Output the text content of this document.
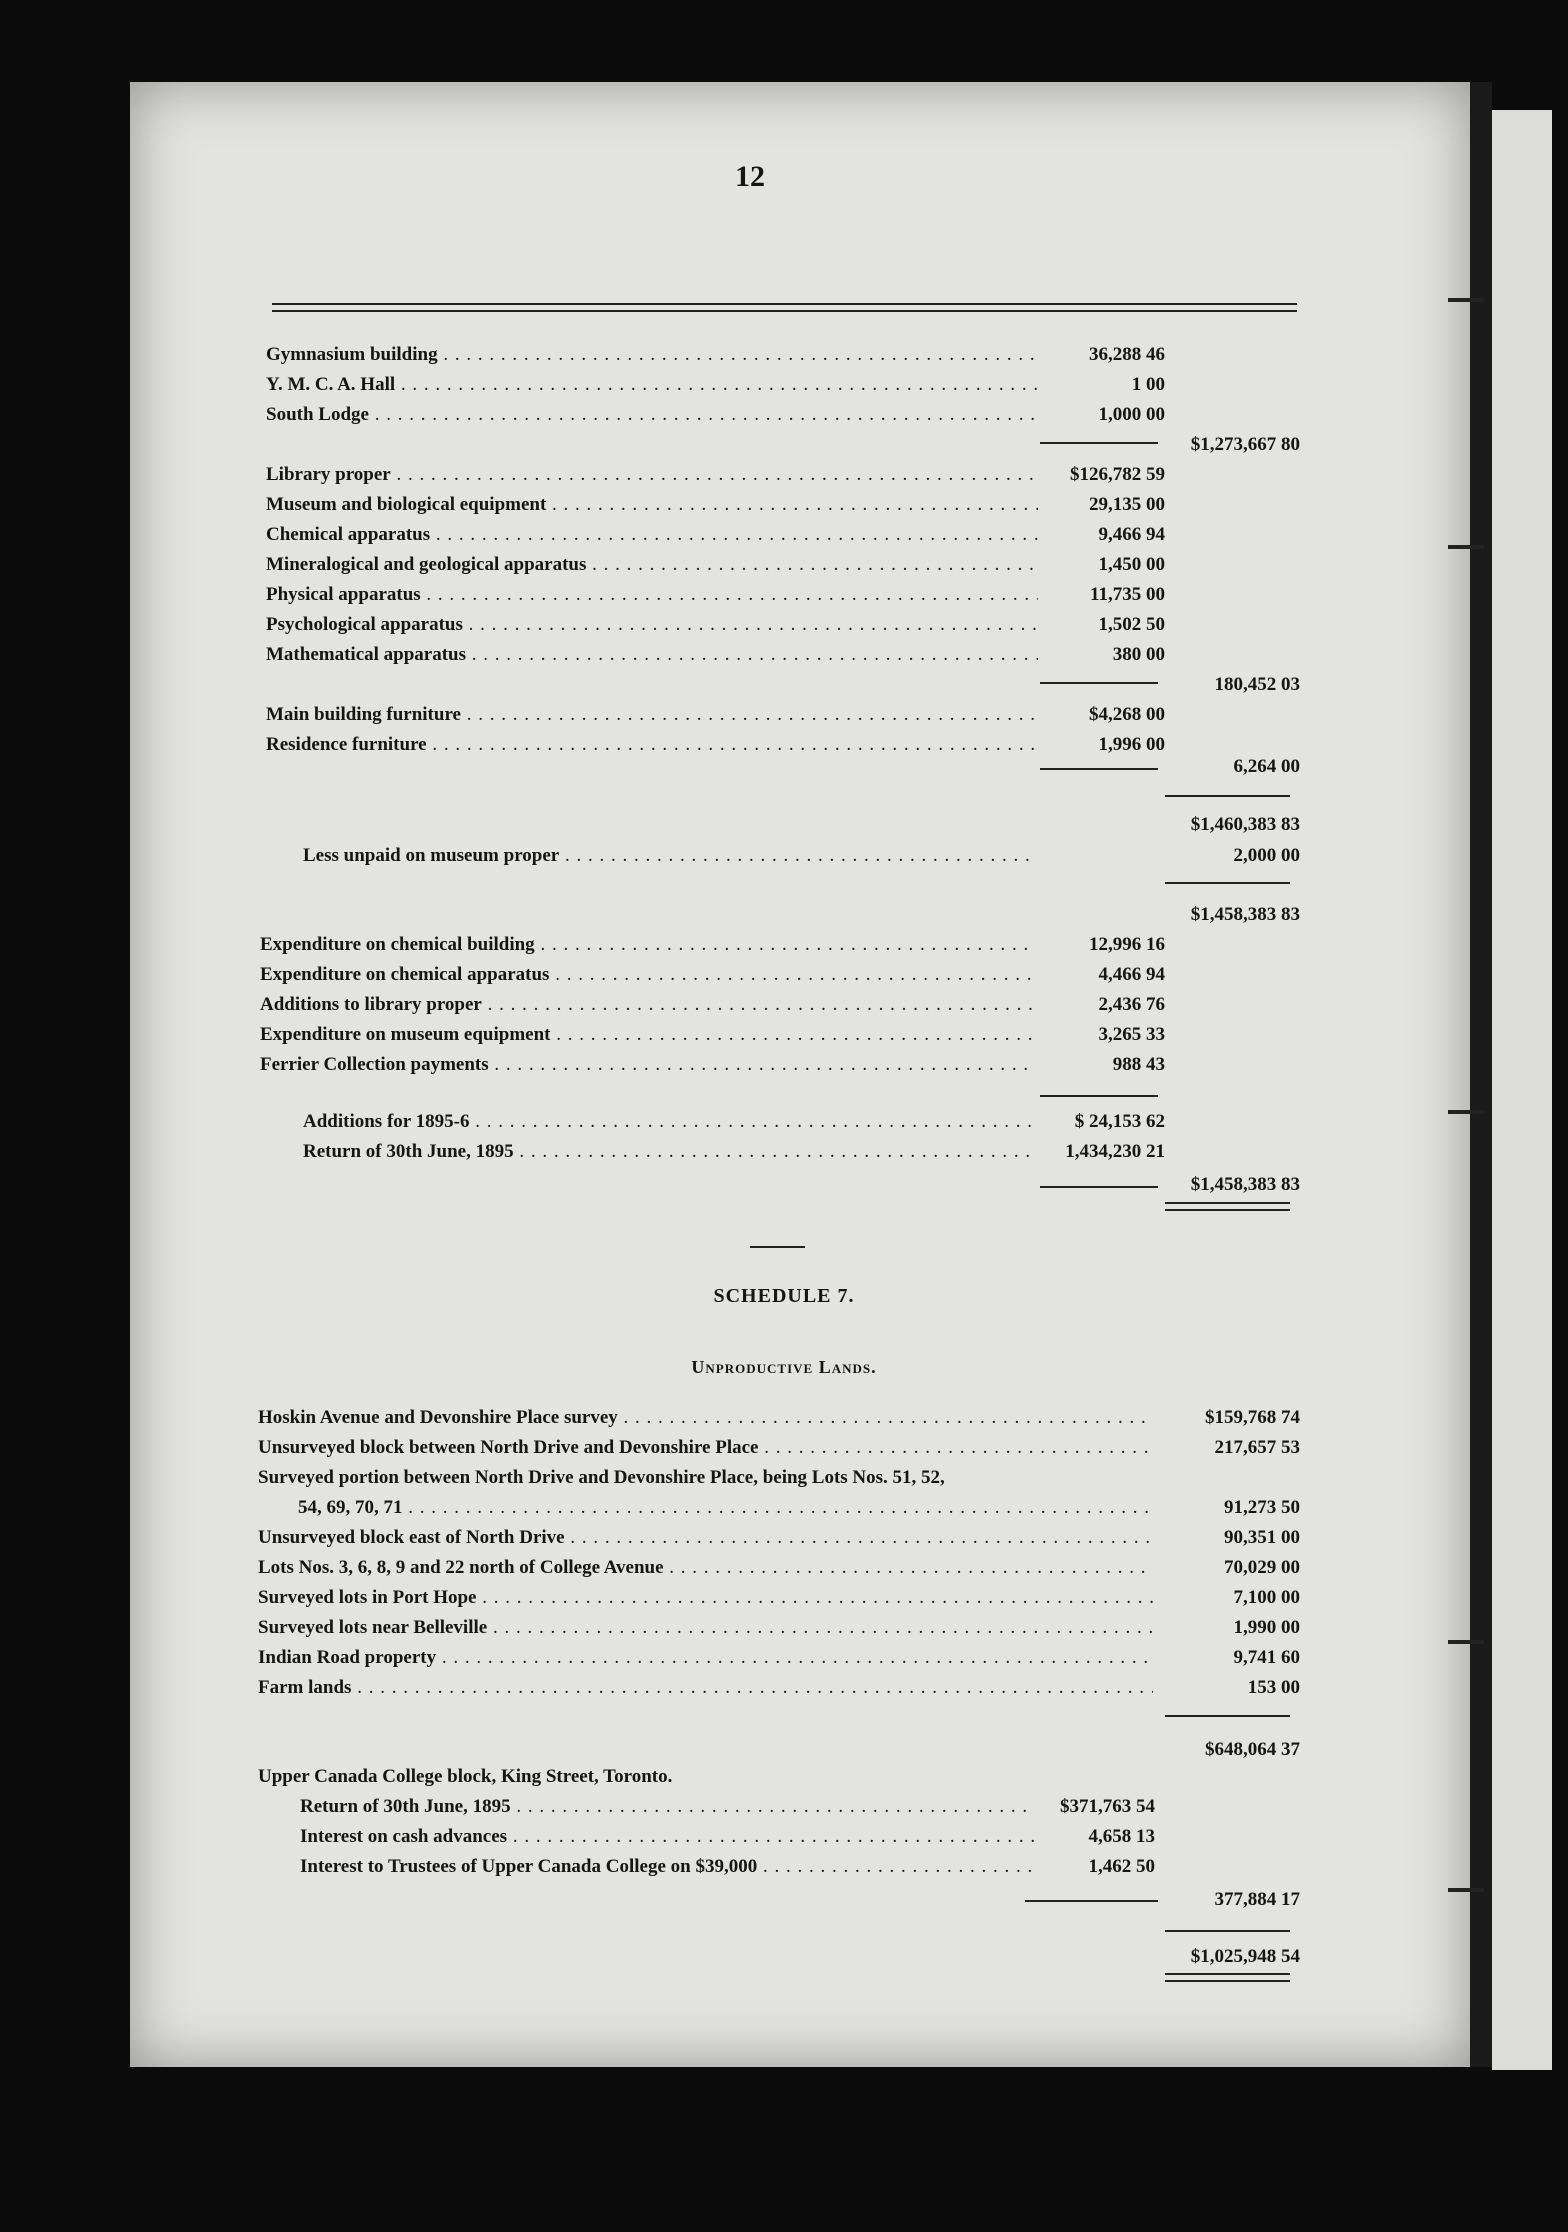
12
Gymnasium building . . .	36,288 46
Y. M. C. A. Hall . . .	1 00
South Lodge . . .	1,000 00
$1,273,667 80
Library proper . . .	$126,782 59
Museum and biological equipment . . .	29,135 00
Chemical apparatus . . .	9,466 94
Mineralogical and geological apparatus . . .	1,450 00
Physical apparatus . . .	11,735 00
Psychological apparatus . . .	1,502 50
Mathematical apparatus . . .	380 00
180,452 03
Main building furniture . . .	$4,268 00
Residence furniture . . .	1,996 00
6,264 00
$1,460,383 83
Less unpaid on museum proper . . .	2,000 00
$1,458,383 83
Expenditure on chemical building . . .	12,996 16
Expenditure on chemical apparatus . . .	4,466 94
Additions to library proper . . .	2,436 76
Expenditure on museum equipment . . .	3,265 33
Ferrier Collection payments . . .	988 43
Additions for 1895-6 . . .	$ 24,153 62
Return of 30th June, 1895 . . .	1,434,230 21
$1,458,383 83
SCHEDULE 7.
Unproductive Lands.
Hoskin Avenue and Devonshire Place survey . . .	$159,768 74
Unsurveyed block between North Drive and Devonshire Place . . .	217,657 53
Surveyed portion between North Drive and Devonshire Place, being Lots Nos. 51, 52,
54, 69, 70, 71 . . .	91,273 50
Unsurveyed block east of North Drive . . .	90,351 00
Lots Nos. 3, 6, 8, 9 and 22 north of College Avenue . . .	70,029 00
Surveyed lots in Port Hope . . .	7,100 00
Surveyed lots near Belleville . . .	1,990 00
Indian Road property . . .	9,741 60
Farm lands . . .	153 00
$648,064 37
Upper Canada College block, King Street, Toronto.
Return of 30th June, 1895 . . .	$371,763 54
Interest on cash advances . . .	4,658 13
Interest to Trustees of Upper Canada College on $39,000 . . .	1,462 50
377,884 17
$1,025,948 54
